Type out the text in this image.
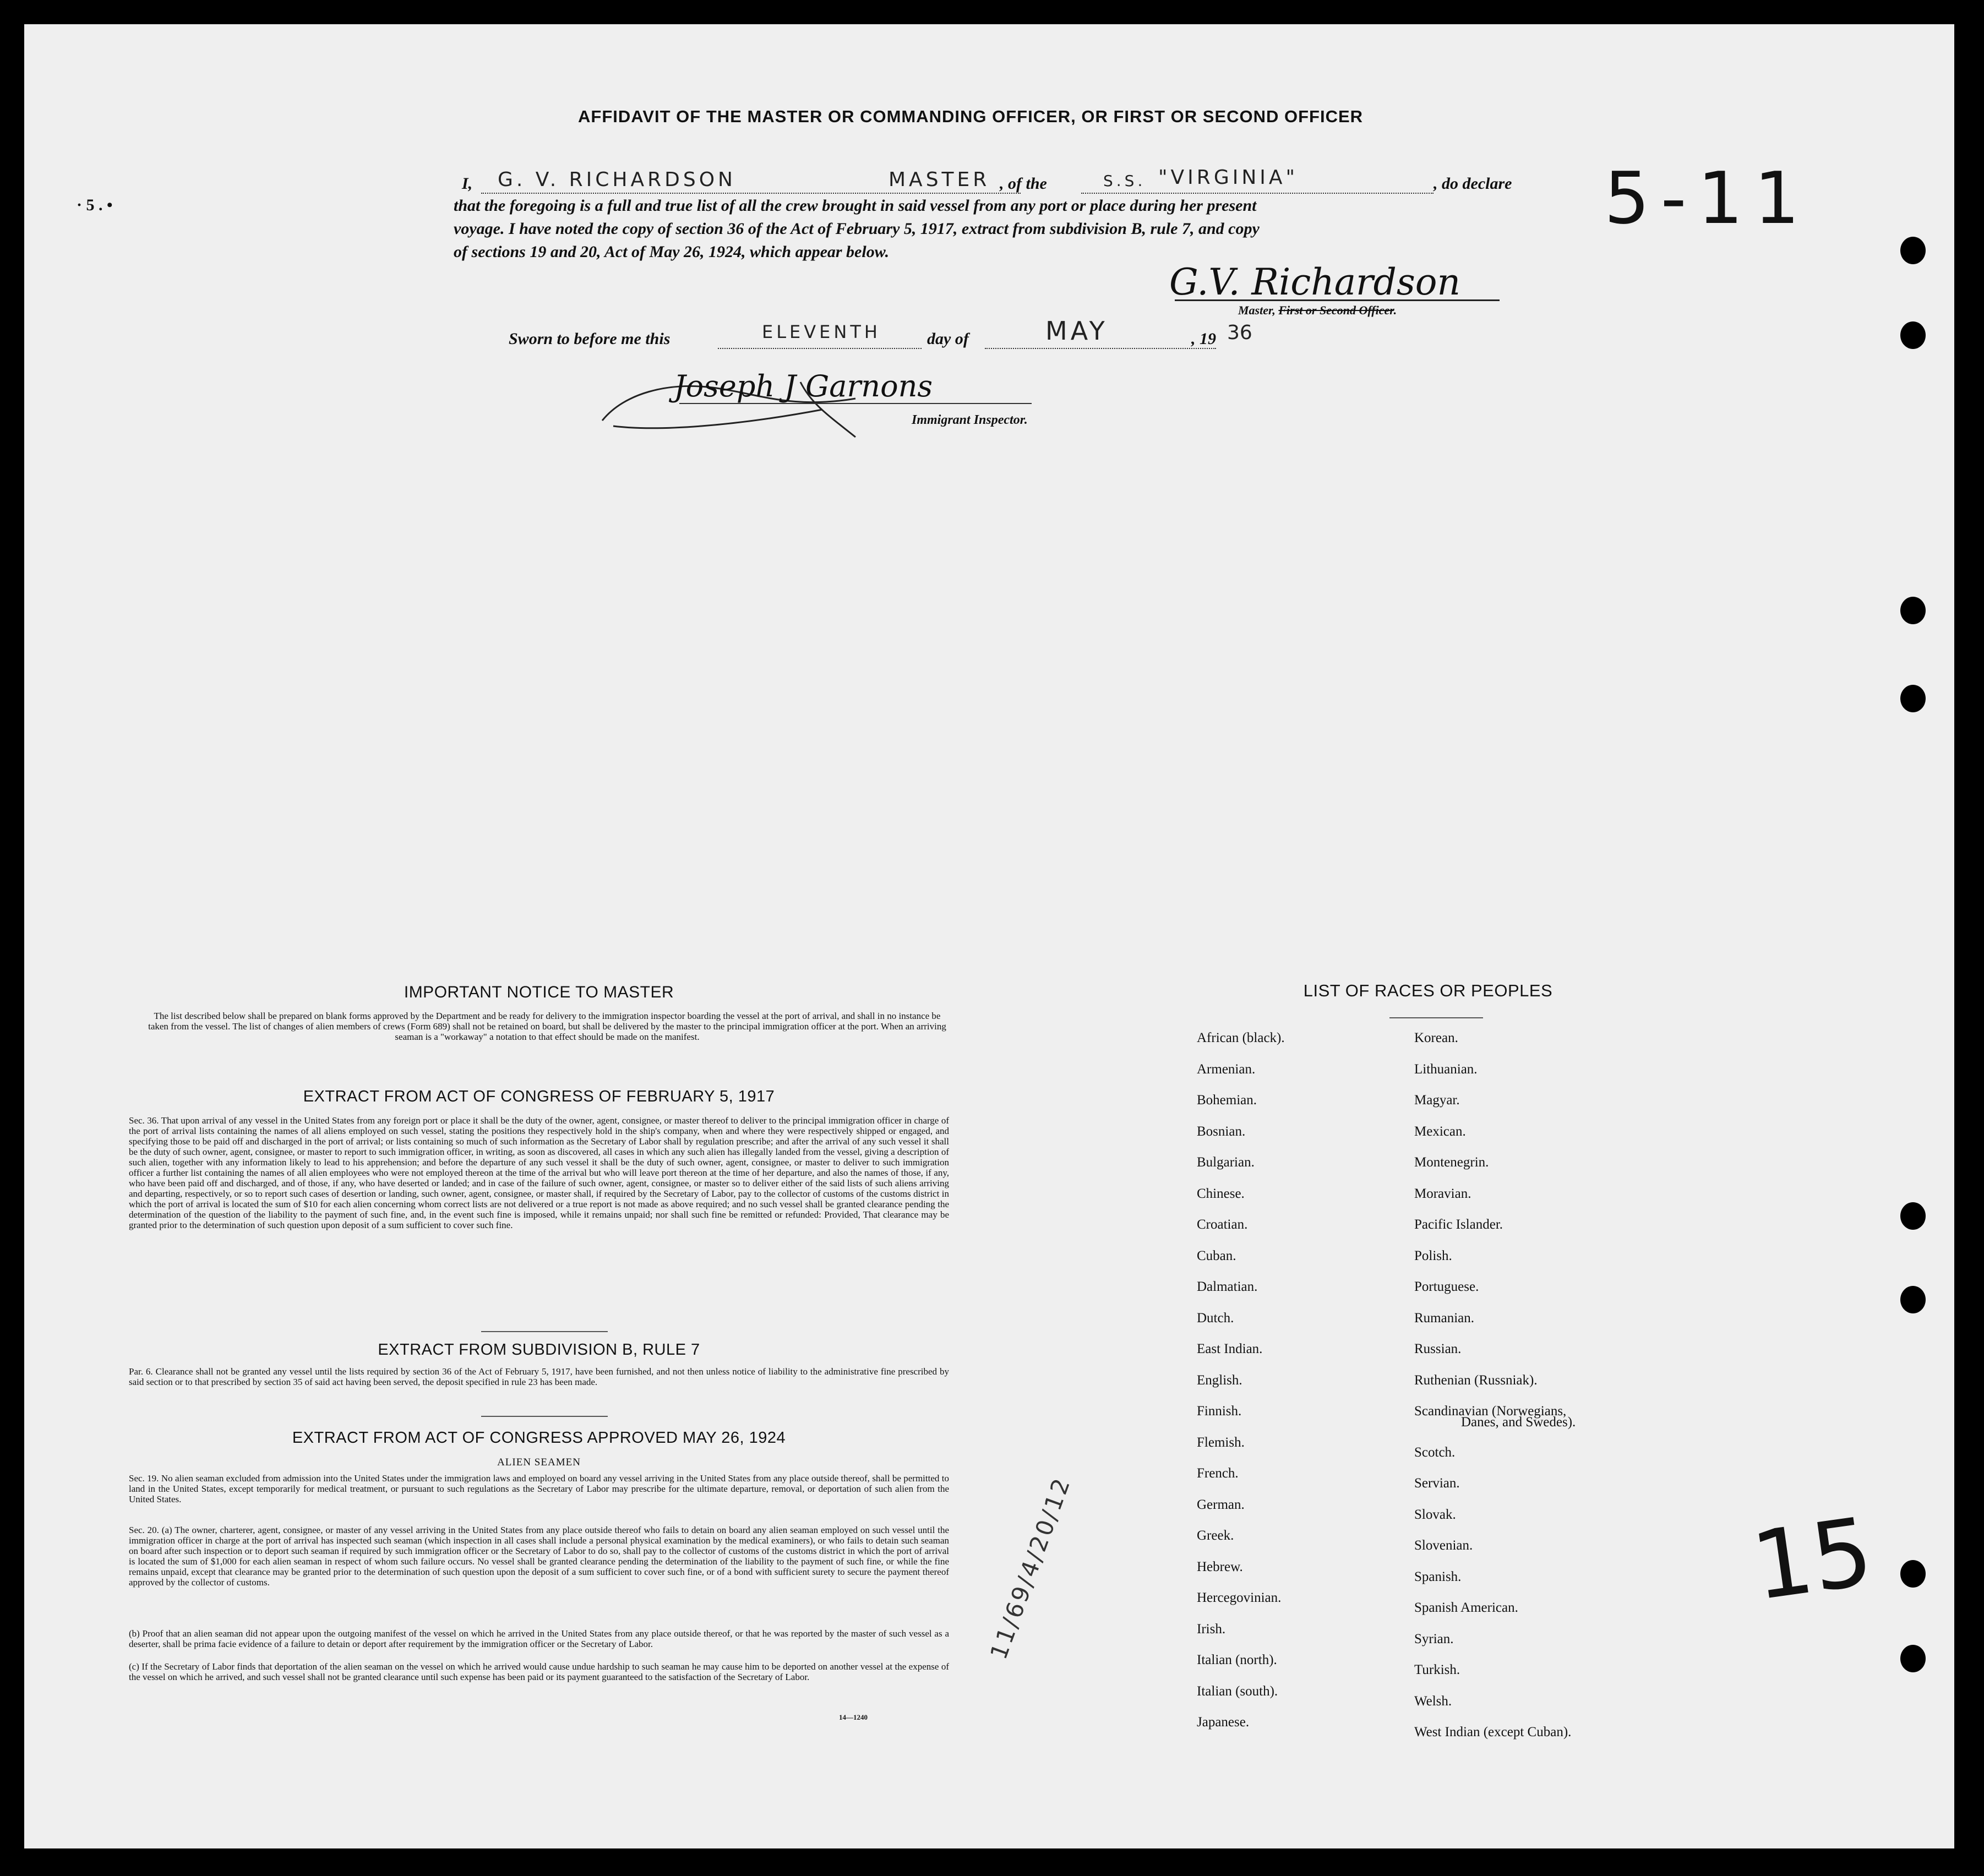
AFFIDAVIT OF THE MASTER OR COMMANDING OFFICER, OR FIRST OR SECOND OFFICER
I, G. V. RICHARDSON	MASTER , of the	S.S. "VIRGINIA"	, do declare
that the foregoing is a full and true list of all the crew brought in said vessel from any port or place during her present
voyage. I have noted the copy of section 36 of the Act of February 5, 1917, extract from subdivision B, rule 7, and copy
of sections 19 and 20, Act of May 26, 1924, which appear below.
G.V. Richardson
Master, First or Second Officer.
Sworn to before me this	ELEVENTH	day of	MAY	, 19 36
Joseph J Garnons
Immigrant Inspector.
5-11
· 5 . •
15
11/69/4/20/12
IMPORTANT NOTICE TO MASTER
The list described below shall be prepared on blank forms approved by the Department and be ready for delivery to the immigration inspector boarding the vessel at the port of arrival, and shall in no instance be taken from the vessel. The list of changes of alien members of crews (Form 689) shall not be retained on board, but shall be delivered by the master to the principal immigration officer at the port. When an arriving seaman is a "workaway" a notation to that effect should be made on the manifest.
EXTRACT FROM ACT OF CONGRESS OF FEBRUARY 5, 1917
Sec. 36. That upon arrival of any vessel in the United States from any foreign port or place it shall be the duty of the owner, agent, consignee, or master thereof to deliver to the principal immigration officer in charge of the port of arrival lists containing the names of all aliens employed on such vessel, stating the positions they respectively hold in the ship's company, when and where they were respectively shipped or engaged, and specifying those to be paid off and discharged in the port of arrival; or lists containing so much of such information as the Secretary of Labor shall by regulation prescribe; and after the arrival of any such vessel it shall be the duty of such owner, agent, consignee, or master to report to such immigration officer, in writing, as soon as discovered, all cases in which any such alien has illegally landed from the vessel, giving a description of such alien, together with any information likely to lead to his apprehension; and before the departure of any such vessel it shall be the duty of such owner, agent, consignee, or master to deliver to such immigration officer a further list containing the names of all alien employees who were not employed thereon at the time of the arrival but who will leave port thereon at the time of her departure, and also the names of those, if any, who have been paid off and discharged, and of those, if any, who have deserted or landed; and in case of the failure of such owner, agent, consignee, or master so to deliver either of the said lists of such aliens arriving and departing, respectively, or so to report such cases of desertion or landing, such owner, agent, consignee, or master shall, if required by the Secretary of Labor, pay to the collector of customs of the customs district in which the port of arrival is located the sum of $10 for each alien concerning whom correct lists are not delivered or a true report is not made as above required; and no such vessel shall be granted clearance pending the determination of the question of the liability to the payment of such fine, and, in the event such fine is imposed, while it remains unpaid; nor shall such fine be remitted or refunded: Provided, That clearance may be granted prior to the determination of such question upon deposit of a sum sufficient to cover such fine.
EXTRACT FROM SUBDIVISION B, RULE 7
Par. 6. Clearance shall not be granted any vessel until the lists required by section 36 of the Act of February 5, 1917, have been furnished, and not then unless notice of liability to the administrative fine prescribed by said section or to that prescribed by section 35 of said act having been served, the deposit specified in rule 23 has been made.
EXTRACT FROM ACT OF CONGRESS APPROVED MAY 26, 1924
ALIEN SEAMEN
Sec. 19. No alien seaman excluded from admission into the United States under the immigration laws and employed on board any vessel arriving in the United States from any place outside thereof, shall be permitted to land in the United States, except temporarily for medical treatment, or pursuant to such regulations as the Secretary of Labor may prescribe for the ultimate departure, removal, or deportation of such alien from the United States.
Sec. 20. (a) The owner, charterer, agent, consignee, or master of any vessel arriving in the United States from any place outside thereof who fails to detain on board any alien seaman employed on such vessel until the immigration officer in charge at the port of arrival has inspected such seaman (which inspection in all cases shall include a personal physical examination by the medical examiners), or who fails to detain such seaman on board after such inspection or to deport such seaman if required by such immigration officer or the Secretary of Labor to do so, shall pay to the collector of customs of the customs district in which the port of arrival is located the sum of $1,000 for each alien seaman in respect of whom such failure occurs. No vessel shall be granted clearance pending the determination of the liability to the payment of such fine, or while the fine remains unpaid, except that clearance may be granted prior to the determination of such question upon the deposit of a sum sufficient to cover such fine, or of a bond with sufficient surety to secure the payment thereof approved by the collector of customs.
(b) Proof that an alien seaman did not appear upon the outgoing manifest of the vessel on which he arrived in the United States from any place outside thereof, or that he was reported by the master of such vessel as a deserter, shall be prima facie evidence of a failure to detain or deport after requirement by the immigration officer or the Secretary of Labor.
(c) If the Secretary of Labor finds that deportation of the alien seaman on the vessel on which he arrived would cause undue hardship to such seaman he may cause him to be deported on another vessel at the expense of the vessel on which he arrived, and such vessel shall not be granted clearance until such expense has been paid or its payment guaranteed to the satisfaction of the Secretary of Labor.
14—1240
LIST OF RACES OR PEOPLES
Danes, and Swedes).
African (black).
Armenian.
Bohemian.
Bosnian.
Bulgarian.
Chinese.
Croatian.
Cuban.
Dalmatian.
Dutch.
East Indian.
English.
Finnish.
Flemish.
French.
German.
Greek.
Hebrew.
Hercegovinian.
Irish.
Italian (north).
Italian (south).
Japanese.
Korean.
Lithuanian.
Magyar.
Mexican.
Montenegrin.
Moravian.
Pacific Islander.
Polish.
Portuguese.
Rumanian.
Russian.
Ruthenian (Russniak).
Scandinavian (Norwegians,
Scotch.
Servian.
Slovak.
Slovenian.
Spanish.
Spanish American.
Syrian.
Turkish.
Welsh.
West Indian (except Cuban).
